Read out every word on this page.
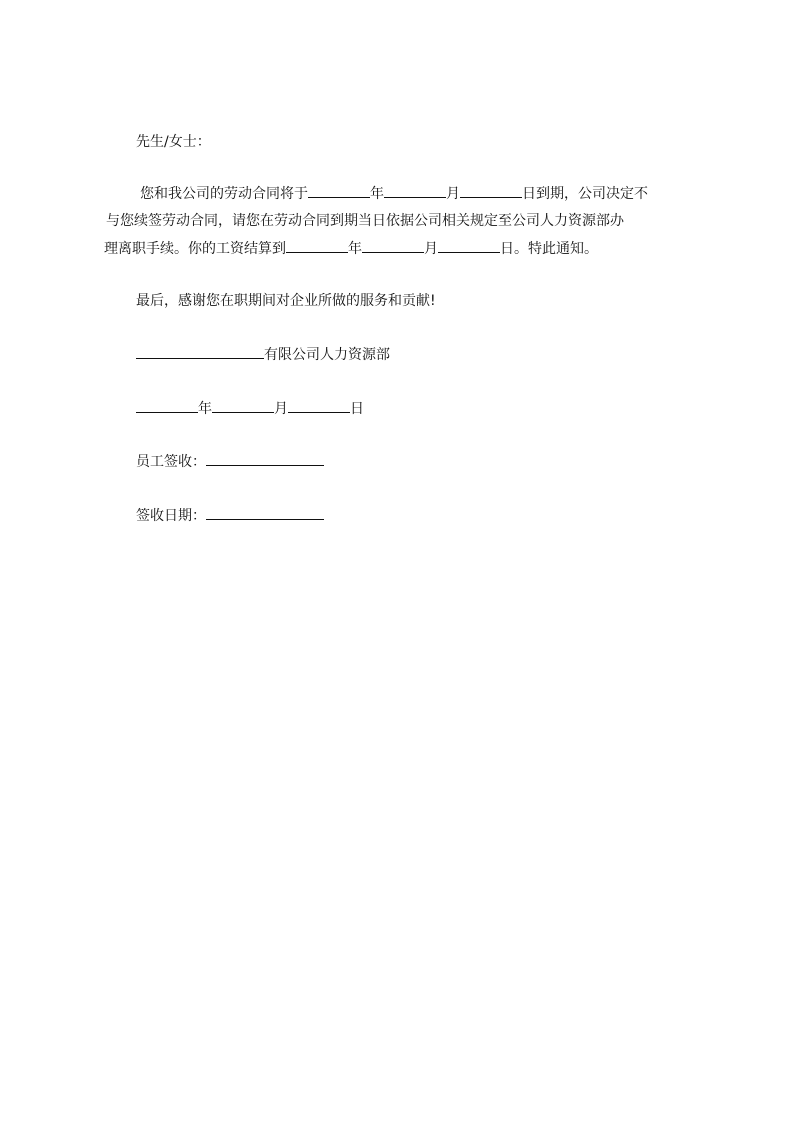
先生/女士：
您和我公司的劳动合同将于	年	月	日到期，公司决定不
与您续签劳动合同，请您在劳动合同到期当日依据公司相关规定至公司人力资源部办
理离职手续。你的工资结算到	年	月	日。特此通知。
最后，感谢您在职期间对企业所做的服务和贡献!
有限公司人力资源部
年	月	日
员工签收：
签收日期：
